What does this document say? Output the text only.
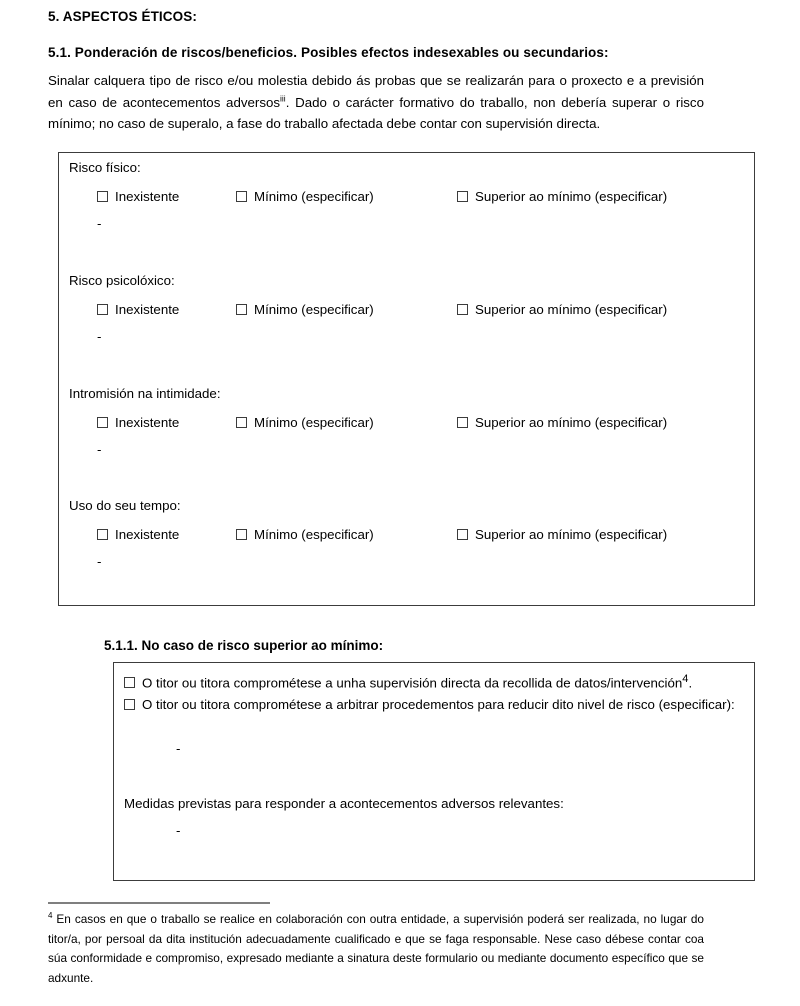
5. ASPECTOS ÉTICOS:
5.1. Ponderación de riscos/beneficios. Posibles efectos indesexables ou secundarios:
Sinalar calquera tipo de risco e/ou molestia debido ás probas que se realizarán para o proxecto e a previsión en caso de acontecementos adversos$^{iii}$. Dado o carácter formativo do traballo, non debería superar o risco mínimo; no caso de superalo, a fase do traballo afectada debe contar con supervisión directa.

Risco físico:

Inexistente	Mínimo (especificar)	Superior ao mínimo (especificar)
-

Risco psicolóxico:

Inexistente	Mínimo (especificar)	Superior ao mínimo (especificar)
-

Intromisión na intimidade:

Inexistente	Mínimo (especificar)	Superior ao mínimo (especificar)
-

Uso do seu tempo:

Inexistente	Mínimo (especificar)	Superior ao mínimo (especificar)
-
5.1.1. No caso de risco superior ao mínimo:
O titor ou titora comprométese a unha supervisión directa da recollida de datos/intervención$^4$.
O titor ou titora comprométese a arbitrar procedementos para reducir dito nivel de risco (especificar):
-
Medidas previstas para responder a acontecementos adversos relevantes:
-
$^4$ En casos en que o traballo se realice en colaboración con outra entidade, a supervisión poderá ser realizada, no lugar do titor/a, por persoal da dita institución adecuadamente cualificado e que se faga responsable. Nese caso débese contar coa súa conformidade e compromiso, expresado mediante a sinatura deste formulario ou mediante documento específico que se adxunte.
